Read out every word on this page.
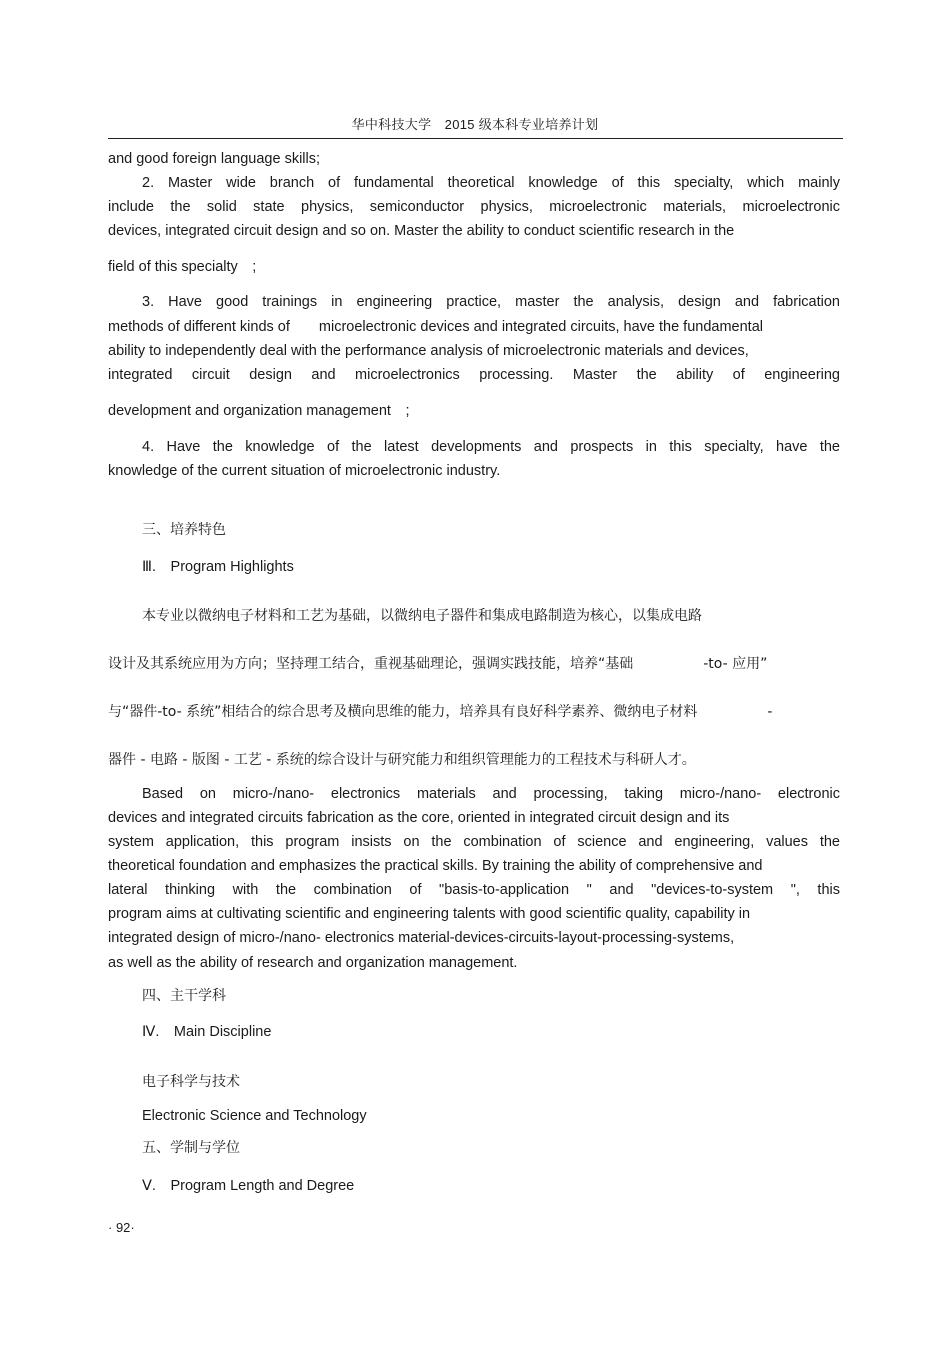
华中科技大学　2015 级本科专业培养计划
and good foreign language skills;
2. Master wide branch of fundamental theoretical knowledge of this specialty, which mainly
include the solid state physics, semiconductor physics, microelectronic materials, microelectronic
devices, integrated circuit design and so on. Master the ability to conduct scientific research in the
field of this specialty　;
3. Have good trainings in engineering practice, master the analysis, design and fabrication
methods of different kinds of　　microelectronic devices and integrated circuits, have the fundamental
ability to independently deal with the performance analysis of microelectronic materials and devices,
integrated circuit design and microelectronics processing. Master the ability of engineering
development and organization management　;
4. Have the knowledge of the latest developments and prospects in this specialty, have the
knowledge of the current situation of microelectronic industry.
三、培养特色
Ⅲ.　Program Highlights
本专业以微纳电子材料和工艺为基础，以微纳电子器件和集成电路制造为核心，以集成电路
设计及其系统应用为方向；坚持理工结合，重视基础理论，强调实践技能，培养“基础　　　　　-to- 应用”
与“器件-to- 系统”相结合的综合思考及横向思维的能力，培养具有良好科学素养、微纳电子材料　　　　　-
器件 - 电路 - 版图 - 工艺 - 系统的综合设计与研究能力和组织管理能力的工程技术与科研人才。
Based on micro-/nano- electronics materials and processing, taking micro-/nano- electronic
devices and integrated circuits fabrication as the core, oriented in integrated circuit design and its
system application, this program insists on the combination of science and engineering, values the
theoretical foundation and emphasizes the practical skills. By training the ability of comprehensive and
lateral thinking with the combination of "basis-to-application " and "devices-to-system ", this
program aims at cultivating scientific and engineering talents with good scientific quality, capability in
integrated design of micro-/nano- electronics material-devices-circuits-layout-processing-systems,
as well as the ability of research and organization management.
四、主干学科
Ⅳ.　Main Discipline
电子科学与技术
Electronic Science and Technology
五、学制与学位
Ⅴ.　Program Length and Degree
· 92·
